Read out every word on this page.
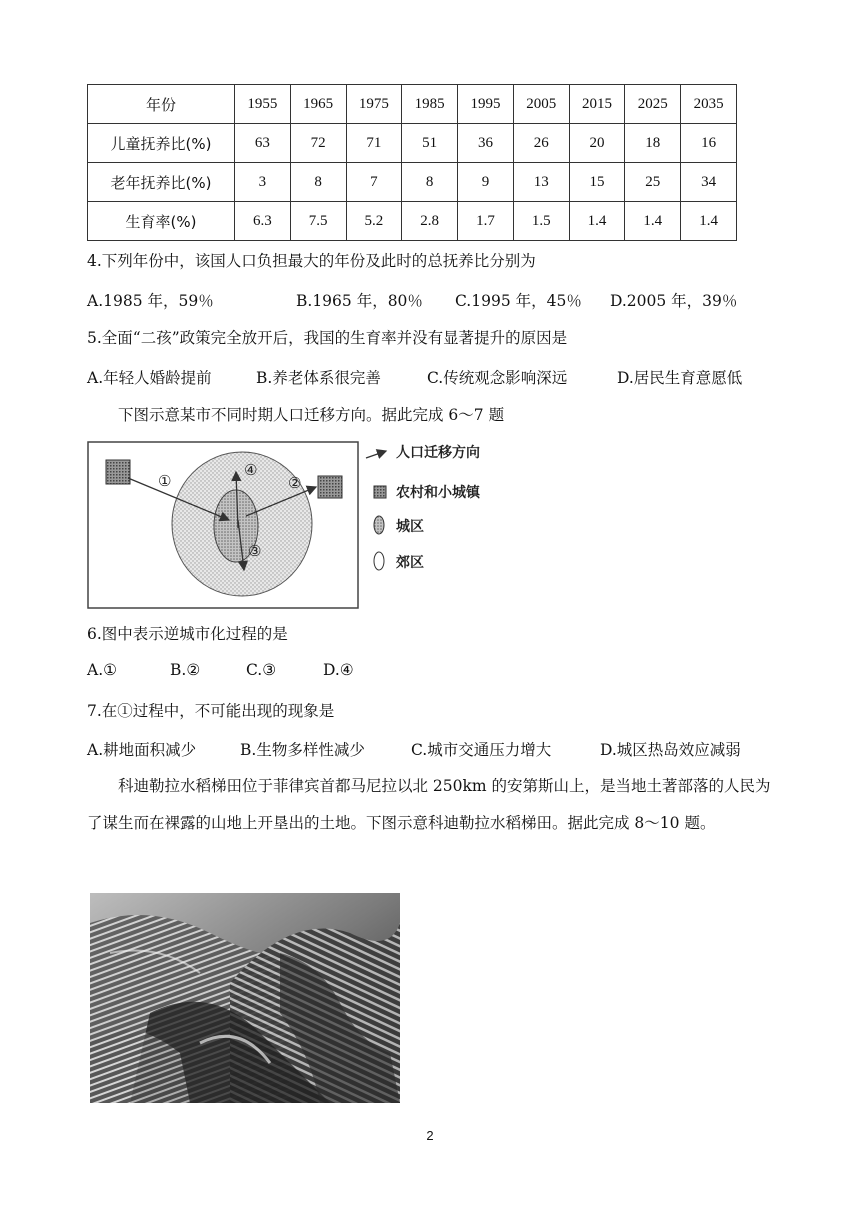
年份	1955	1965	1975	1985	1995	2005	2015	2025	2035
儿童抚养比(%)	63	72	71	51	36	26	20	18	16
老年抚养比(%)	3	8	7	8	9	13	15	25	34
生育率(%)	6.3	7.5	5.2	2.8	1.7	1.5	1.4	1.4	1.4
4.下列年份中，该国人口负担最大的年份及此时的总抚养比分别为
A.1985 年，59％	B.1965 年，80％ C.1995 年，45％ D.2005 年，39％
5.全面“二孩”政策完全放开后，我国的生育率并没有显著提升的原因是
A.年轻人婚龄提前	B.养老体系很完善	C.传统观念影响深远	D.居民生育意愿低
下图示意某市不同时期人口迁移方向。据此完成 6～7 题
①	②
③
④
人口迁移方向
农村和小城镇
城区
郊区
6.图中表示逆城市化过程的是
A.①	B.②	C.③	D.④
7.在①过程中，不可能出现的现象是
A.耕地面积减少	B.生物多样性减少	C.城市交通压力增大	D.城区热岛效应减弱
科迪勒拉水稻梯田位于菲律宾首都马尼拉以北 250km 的安第斯山上，是当地土著部落的人民为了谋生而在裸露的山地上开垦出的土地。下图示意科迪勒拉水稻梯田。据此完成 8～10 题。
2
